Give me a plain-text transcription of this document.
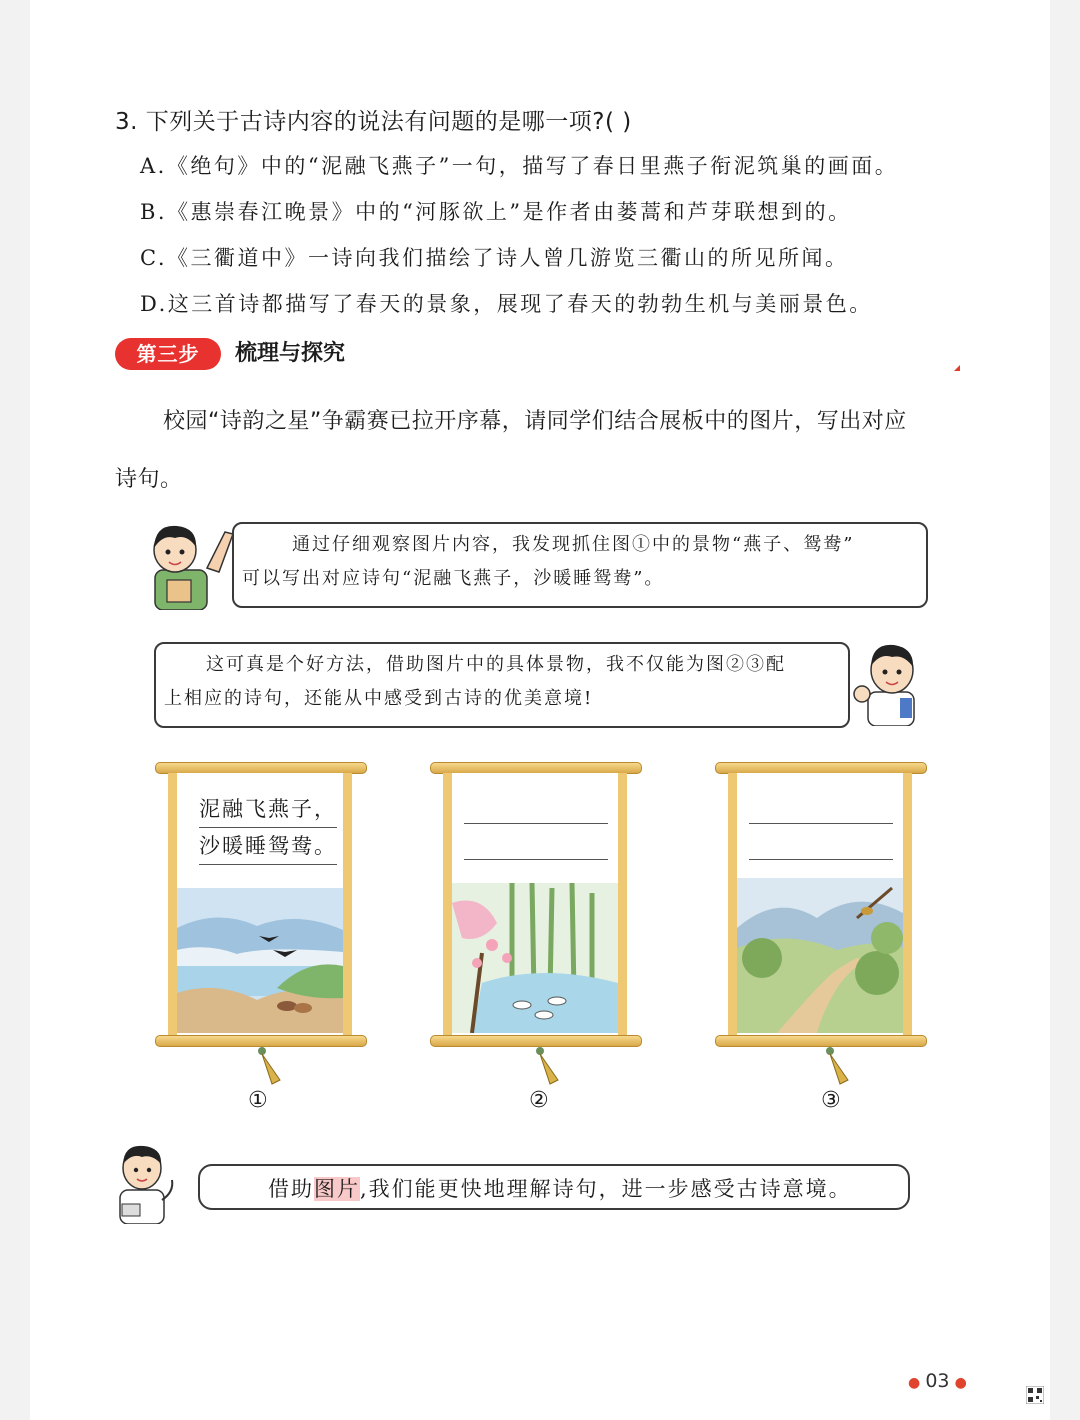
3. 下列关于古诗内容的说法有问题的是哪一项?( )
A.《绝句》中的“泥融飞燕子”一句，描写了春日里燕子衔泥筑巢的画面。
B.《惠崇春江晚景》中的“河豚欲上”是作者由蒌蒿和芦芽联想到的。
C.《三衢道中》一诗向我们描绘了诗人曾几游览三衢山的所见所闻。
D.这三首诗都描写了春天的景象，展现了春天的勃勃生机与美丽景色。
第三步	梳理与探究
校园“诗韵之星”争霸赛已拉开序幕，请同学们结合展板中的图片，写出对应
诗句。
通过仔细观察图片内容，我发现抓住图①中的景物“燕子、鸳鸯”
可以写出对应诗句“泥融飞燕子，沙暖睡鸳鸯”。
这可真是个好方法，借助图片中的具体景物，我不仅能为图②③配
上相应的诗句，还能从中感受到古诗的优美意境!
泥融飞燕子，
沙暖睡鸳鸯。
①	②	③
借助图片,我们能更快地理解诗句，进一步感受古诗意境。
● 03 ●
